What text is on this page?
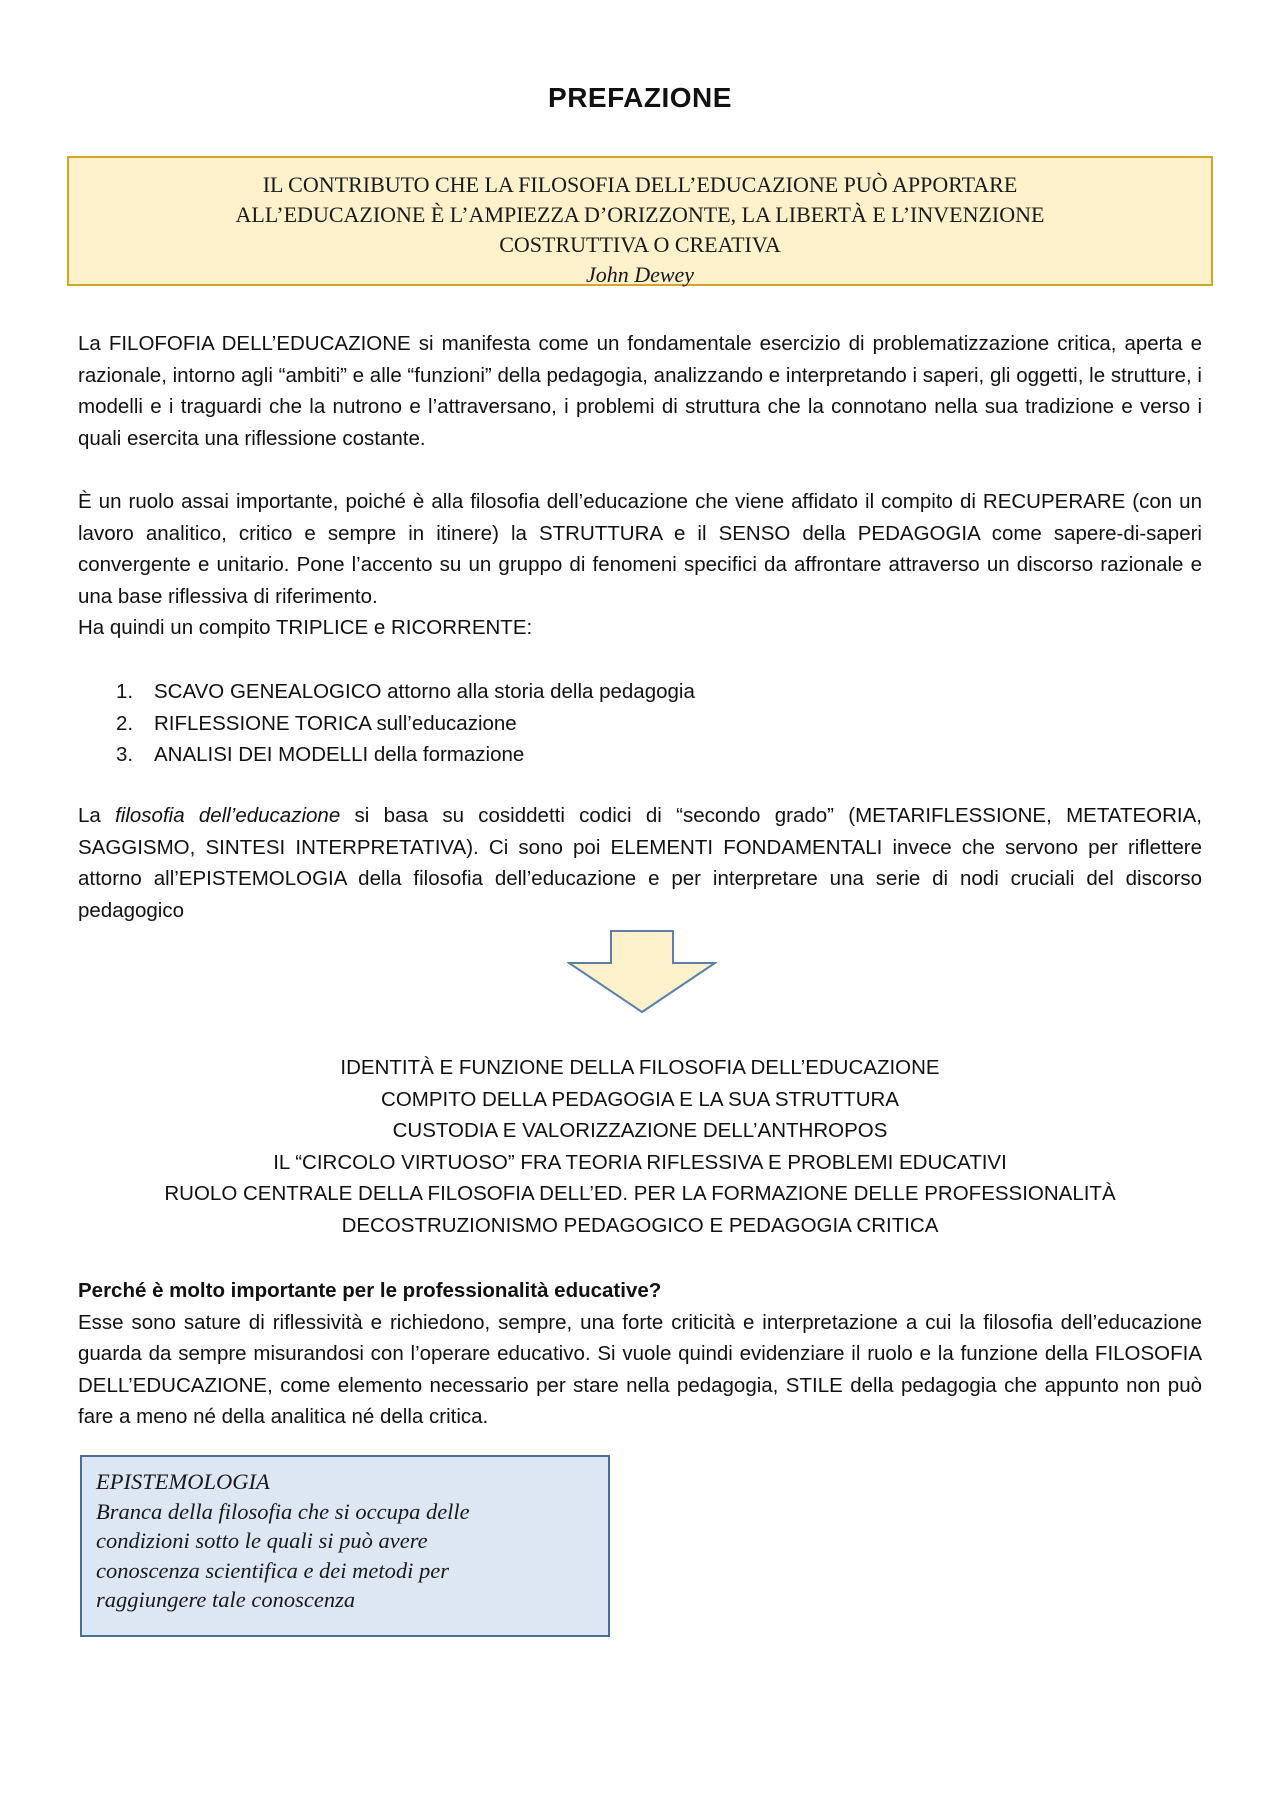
PREFAZIONE
IL CONTRIBUTO CHE LA FILOSOFIA DELL’EDUCAZIONE PUÒ APPORTARE
ALL’EDUCAZIONE È L’AMPIEZZA D’ORIZZONTE, LA LIBERTÀ E L’INVENZIONE
COSTRUTTIVA O CREATIVA
John Dewey

La FILOFOFIA DELL’EDUCAZIONE si manifesta come un fondamentale esercizio di problematizzazione critica, aperta e razionale, intorno agli “ambiti” e alle “funzioni” della pedagogia, analizzando e interpretando i saperi, gli oggetti, le strutture, i modelli e i traguardi che la nutrono e l’attraversano, i problemi di struttura che la connotano nella sua tradizione e verso i quali esercita una riflessione costante.

È un ruolo assai importante, poiché è alla filosofia dell’educazione che viene affidato il compito di RECUPERARE (con un lavoro analitico, critico e sempre in itinere) la STRUTTURA e il SENSO della PEDAGOGIA come sapere-di-saperi convergente e unitario. Pone l’accento su un gruppo di fenomeni specifici da affrontare attraverso un discorso razionale e una base riflessiva di riferimento.

Ha quindi un compito TRIPLICE e RICORRENTE:

1. SCAVO GENEALOGICO attorno alla storia della pedagogia
2. RIFLESSIONE TORICA sull’educazione
3. ANALISI DEI MODELLI della formazione

La filosofia dell’educazione si basa su cosiddetti codici di “secondo grado” (METARIFLESSIONE, METATEORIA, SAGGISMO, SINTESI INTERPRETATIVA). Ci sono poi ELEMENTI FONDAMENTALI invece che servono per riflettere attorno all’EPISTEMOLOGIA della filosofia dell’educazione e per interpretare una serie di nodi cruciali del discorso pedagogico

IDENTITÀ E FUNZIONE DELLA FILOSOFIA DELL’EDUCAZIONE
COMPITO DELLA PEDAGOGIA E LA SUA STRUTTURA
CUSTODIA E VALORIZZAZIONE DELL’ANTHROPOS
IL “CIRCOLO VIRTUOSO” FRA TEORIA RIFLESSIVA E PROBLEMI EDUCATIVI
RUOLO CENTRALE DELLA FILOSOFIA DELL’ED. PER LA FORMAZIONE DELLE PROFESSIONALITÀ
DECOSTRUZIONISMO PEDAGOGICO E PEDAGOGIA CRITICA

Perché è molto importante per le professionalità educative?

Esse sono sature di riflessività e richiedono, sempre, una forte criticità e interpretazione a cui la filosofia dell’educazione guarda da sempre misurandosi con l’operare educativo. Si vuole quindi evidenziare il ruolo e la funzione della FILOSOFIA DELL’EDUCAZIONE, come elemento necessario per stare nella pedagogia, STILE della pedagogia che appunto non può fare a meno né della analitica né della critica.

EPISTEMOLOGIA
Branca della filosofia che si occupa delle
condizioni sotto le quali si può avere
conoscenza scientifica e dei metodi per
raggiungere tale conoscenza
